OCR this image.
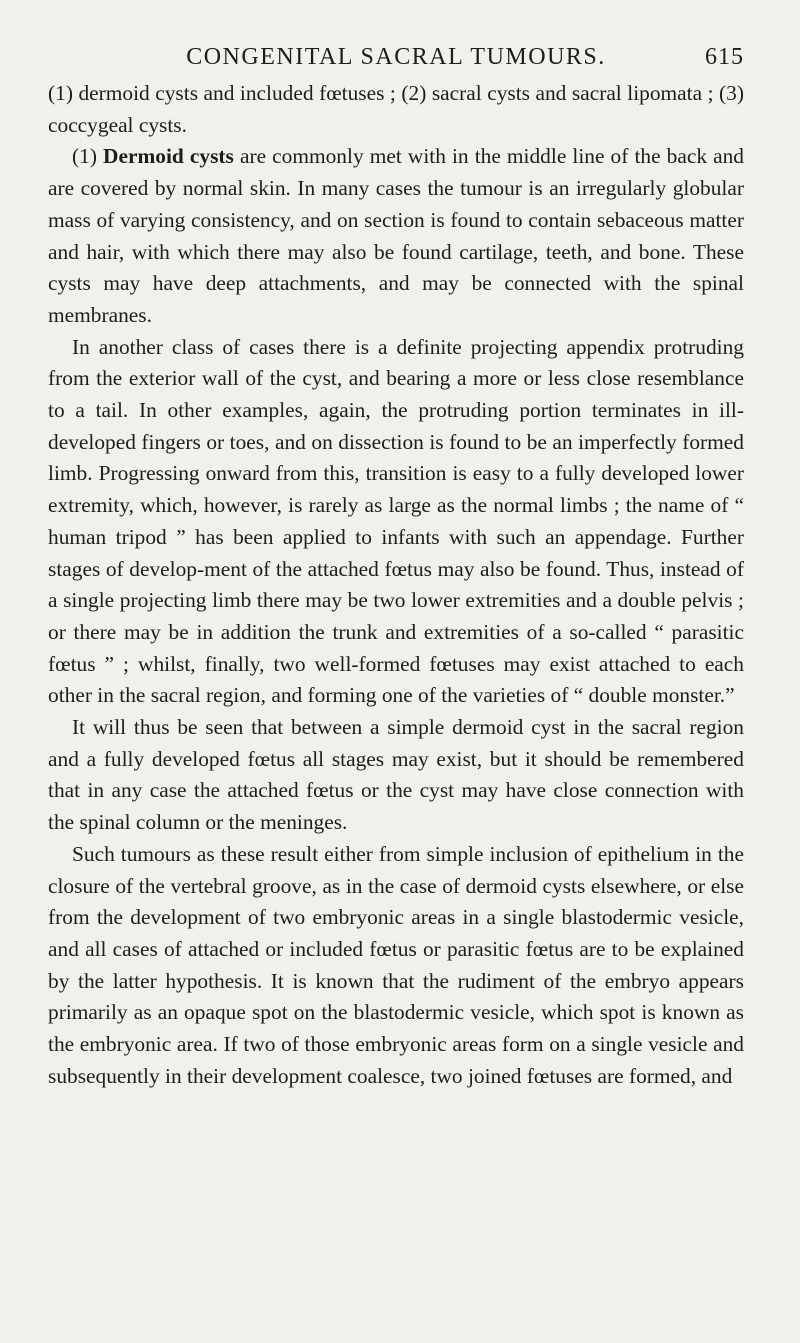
CONGENITAL SACRAL TUMOURS.	615

(1) dermoid cysts and included fœtuses ; (2) sacral cysts and sacral lipomata ; (3) coccygeal cysts.

(1) Dermoid cysts are commonly met with in the middle line of the back and are covered by normal skin. In many cases the tumour is an irregularly globular mass of varying consistency, and on section is found to contain sebaceous matter and hair, with which there may also be found cartilage, teeth, and bone. These cysts may have deep attachments, and may be connected with the spinal membranes.

In another class of cases there is a definite projecting appendix protruding from the exterior wall of the cyst, and bearing a more or less close resemblance to a tail. In other examples, again, the protruding portion terminates in ill-developed fingers or toes, and on dissection is found to be an imperfectly formed limb. Progressing onward from this, transition is easy to a fully developed lower extremity, which, however, is rarely as large as the normal limbs ; the name of “ human tripod ” has been applied to infants with such an appendage. Further stages of develop-ment of the attached fœtus may also be found. Thus, instead of a single projecting limb there may be two lower extremities and a double pelvis ; or there may be in addition the trunk and extremities of a so-called “ parasitic fœtus ” ; whilst, finally, two well-formed fœtuses may exist attached to each other in the sacral region, and forming one of the varieties of “ double monster.”

It will thus be seen that between a simple dermoid cyst in the sacral region and a fully developed fœtus all stages may exist, but it should be remembered that in any case the attached fœtus or the cyst may have close connection with the spinal column or the meninges.

Such tumours as these result either from simple inclusion of epithelium in the closure of the vertebral groove, as in the case of dermoid cysts elsewhere, or else from the development of two embryonic areas in a single blastodermic vesicle, and all cases of attached or included fœtus or parasitic fœtus are to be explained by the latter hypothesis. It is known that the rudiment of the embryo appears primarily as an opaque spot on the blastodermic vesicle, which spot is known as the embryonic area. If two of those embryonic areas form on a single vesicle and subsequently in their development coalesce, two joined fœtuses are formed, and
